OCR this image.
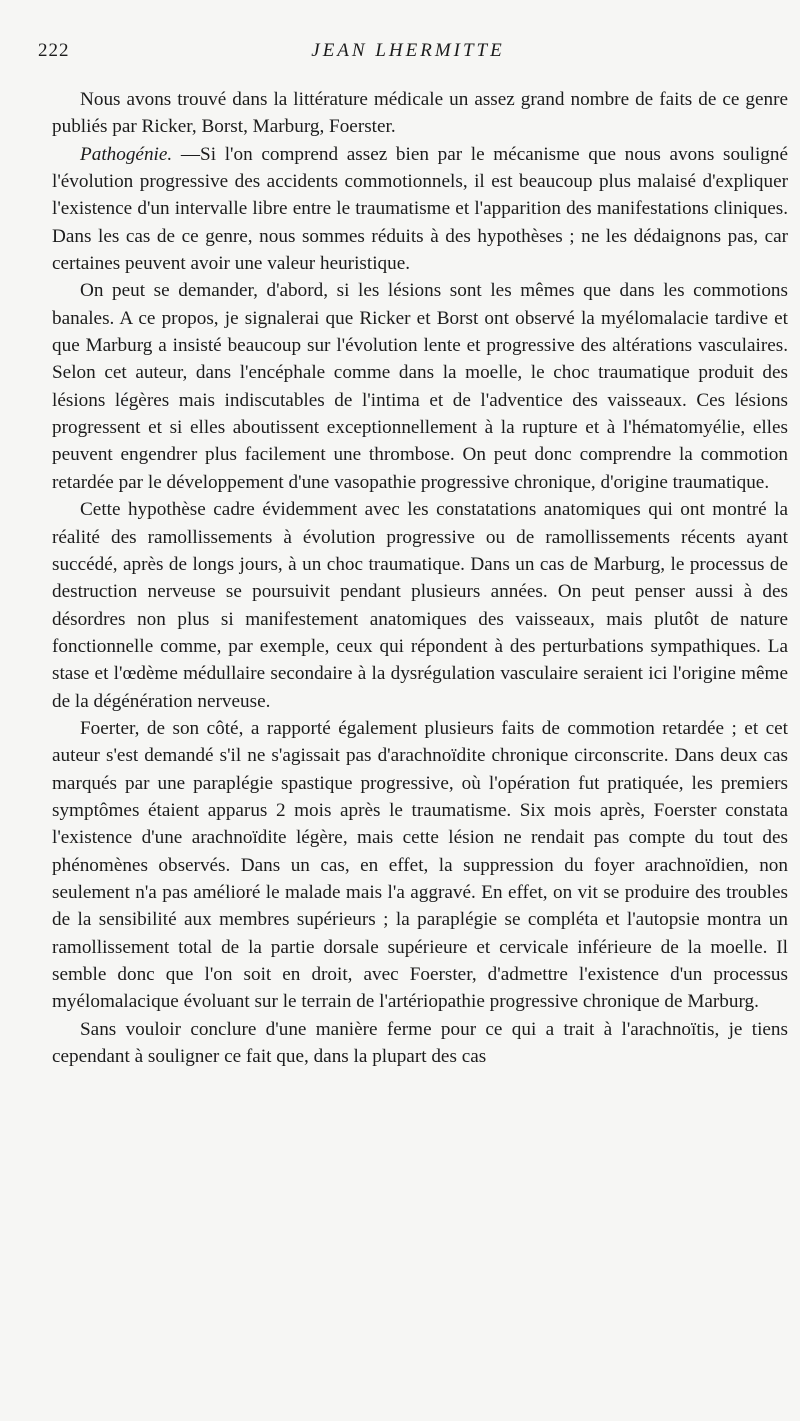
222	JEAN LHERMITTE

Nous avons trouvé dans la littérature médicale un assez grand nombre de faits de ce genre publiés par Ricker, Borst, Marburg, Foerster.

Pathogénie. —Si l'on comprend assez bien par le mécanisme que nous avons souligné l'évolution progressive des accidents commotionnels, il est beaucoup plus malaisé d'expliquer l'existence d'un intervalle libre entre le traumatisme et l'apparition des manifestations cliniques. Dans les cas de ce genre, nous sommes réduits à des hypothèses ; ne les dédaignons pas, car certaines peuvent avoir une valeur heuristique.

On peut se demander, d'abord, si les lésions sont les mêmes que dans les commotions banales. A ce propos, je signalerai que Ricker et Borst ont observé la myélomalacie tardive et que Marburg a insisté beaucoup sur l'évolution lente et progressive des altérations vasculaires. Selon cet auteur, dans l'encéphale comme dans la moelle, le choc traumatique produit des lésions légères mais indiscutables de l'intima et de l'adventice des vaisseaux. Ces lésions progressent et si elles aboutissent exceptionnellement à la rupture et à l'hématomyélie, elles peuvent engendrer plus facilement une thrombose. On peut donc comprendre la commotion retardée par le développement d'une vasopathie progressive chronique, d'origine traumatique.

Cette hypothèse cadre évidemment avec les constatations anatomiques qui ont montré la réalité des ramollissements à évolution progressive ou de ramollissements récents ayant succédé, après de longs jours, à un choc traumatique. Dans un cas de Marburg, le processus de destruction nerveuse se poursuivit pendant plusieurs années. On peut penser aussi à des désordres non plus si manifestement anatomiques des vaisseaux, mais plutôt de nature fonctionnelle comme, par exemple, ceux qui répondent à des perturbations sympathiques. La stase et l'œdème médullaire secondaire à la dysrégulation vasculaire seraient ici l'origine même de la dégénération nerveuse.

Foerter, de son côté, a rapporté également plusieurs faits de commotion retardée ; et cet auteur s'est demandé s'il ne s'agissait pas d'arachnoïdite chronique circonscrite. Dans deux cas marqués par une paraplégie spastique progressive, où l'opération fut pratiquée, les premiers symptômes étaient apparus 2 mois après le traumatisme. Six mois après, Foerster constata l'existence d'une arachnoïdite légère, mais cette lésion ne rendait pas compte du tout des phénomènes observés. Dans un cas, en effet, la suppression du foyer arachnoïdien, non seulement n'a pas amélioré le malade mais l'a aggravé. En effet, on vit se produire des troubles de la sensibilité aux membres supérieurs ; la paraplégie se compléta et l'autopsie montra un ramollissement total de la partie dorsale supérieure et cervicale inférieure de la moelle. Il semble donc que l'on soit en droit, avec Foerster, d'admettre l'existence d'un processus myélomalacique évoluant sur le terrain de l'artériopathie progressive chronique de Marburg.

Sans vouloir conclure d'une manière ferme pour ce qui a trait à l'arachnoïtis, je tiens cependant à souligner ce fait que, dans la plupart des cas
